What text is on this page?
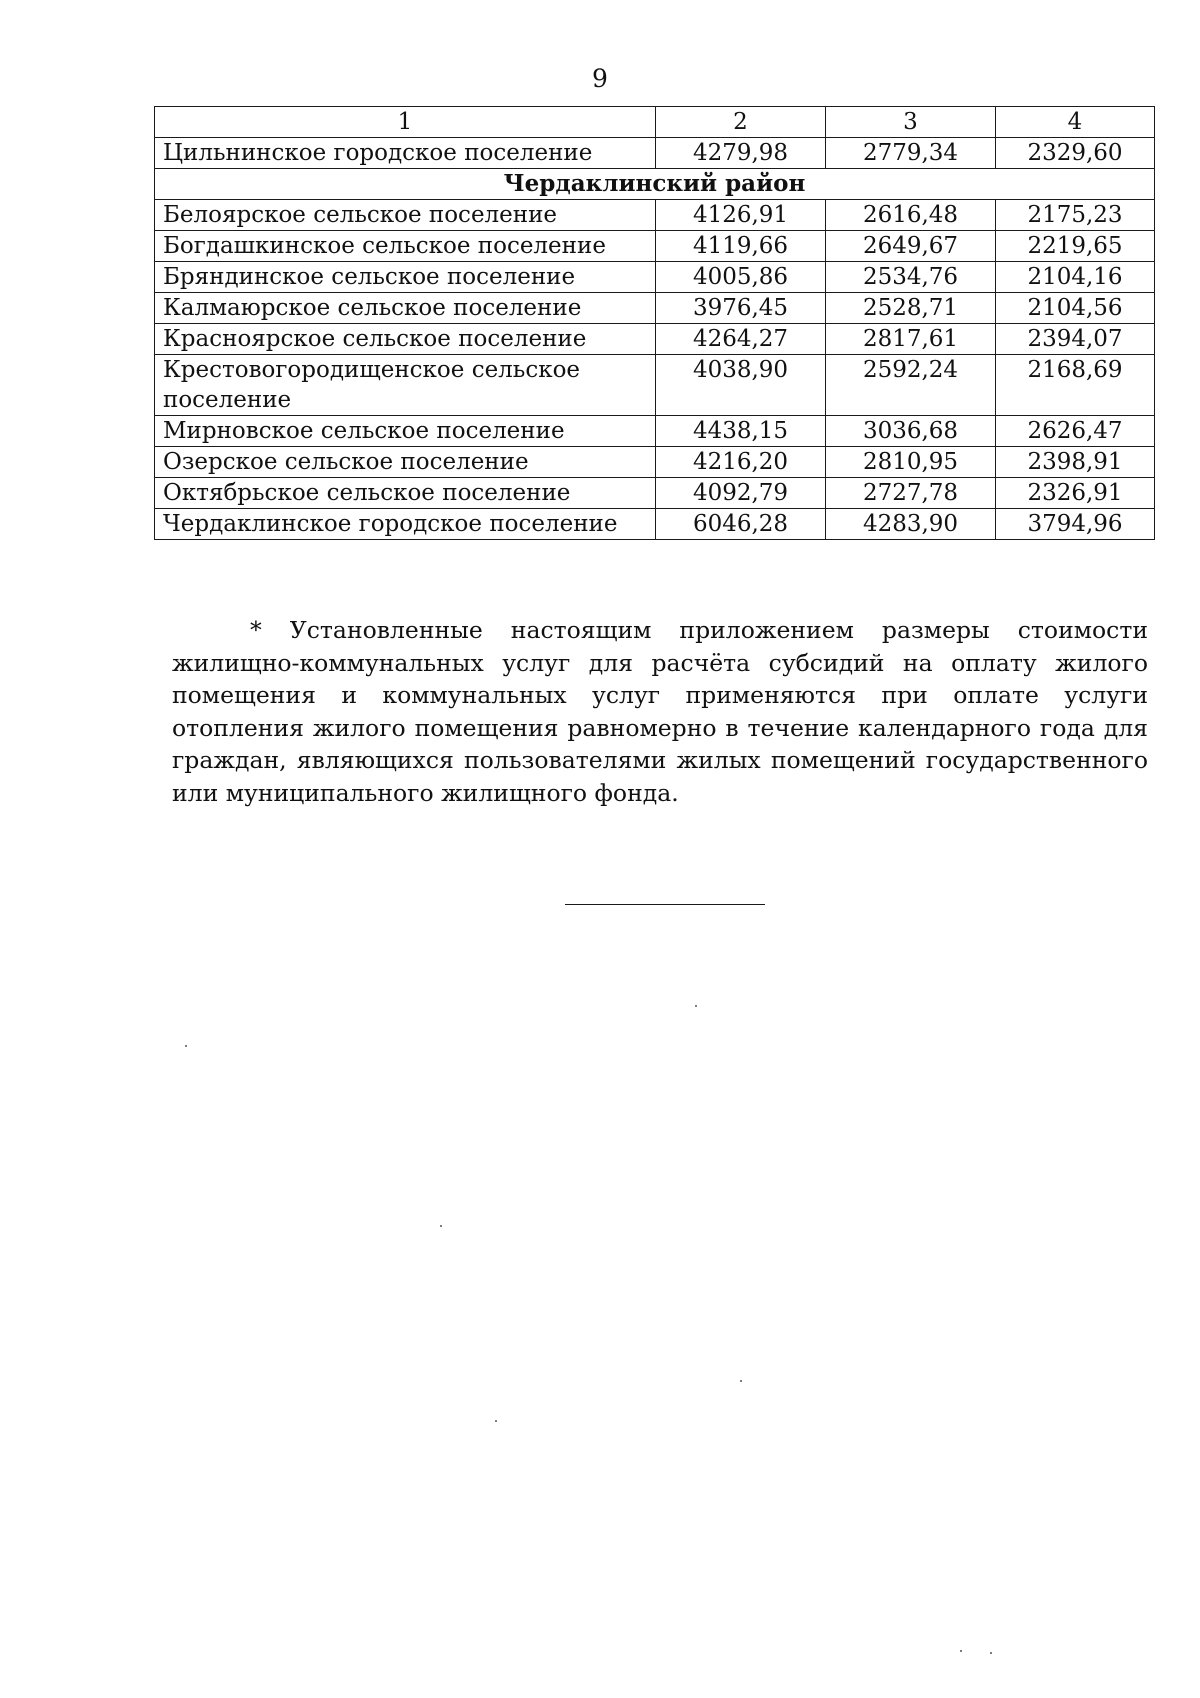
9
1	2	3	4
Цильнинское городское поселение	4279,98	2779,34	2329,60
Чердаклинский район			
Белоярское сельское поселение	4126,91	2616,48	2175,23
Богдашкинское сельское поселение	4119,66	2649,67	2219,65
Бряндинское сельское поселение	4005,86	2534,76	2104,16
Калмаюрское сельское поселение	3976,45	2528,71	2104,56
Красноярское сельское поселение	4264,27	2817,61	2394,07
Крестовогородищенское сельское поселение	4038,90	2592,24	2168,69
Мирновское сельское поселение	4438,15	3036,68	2626,47
Озерское сельское поселение	4216,20	2810,95	2398,91
Октябрьское сельское поселение	4092,79	2727,78	2326,91
Чердаклинское городское поселение	6046,28	4283,90	3794,96

* Установленные настоящим приложением размеры стоимости жилищно-коммунальных услуг для расчёта субсидий на оплату жилого помещения и коммунальных услуг применяются при оплате услуги отопления жилого помещения равномерно в течение календарного года для граждан, являющихся пользователями жилых помещений государственного или муниципального жилищного фонда.
